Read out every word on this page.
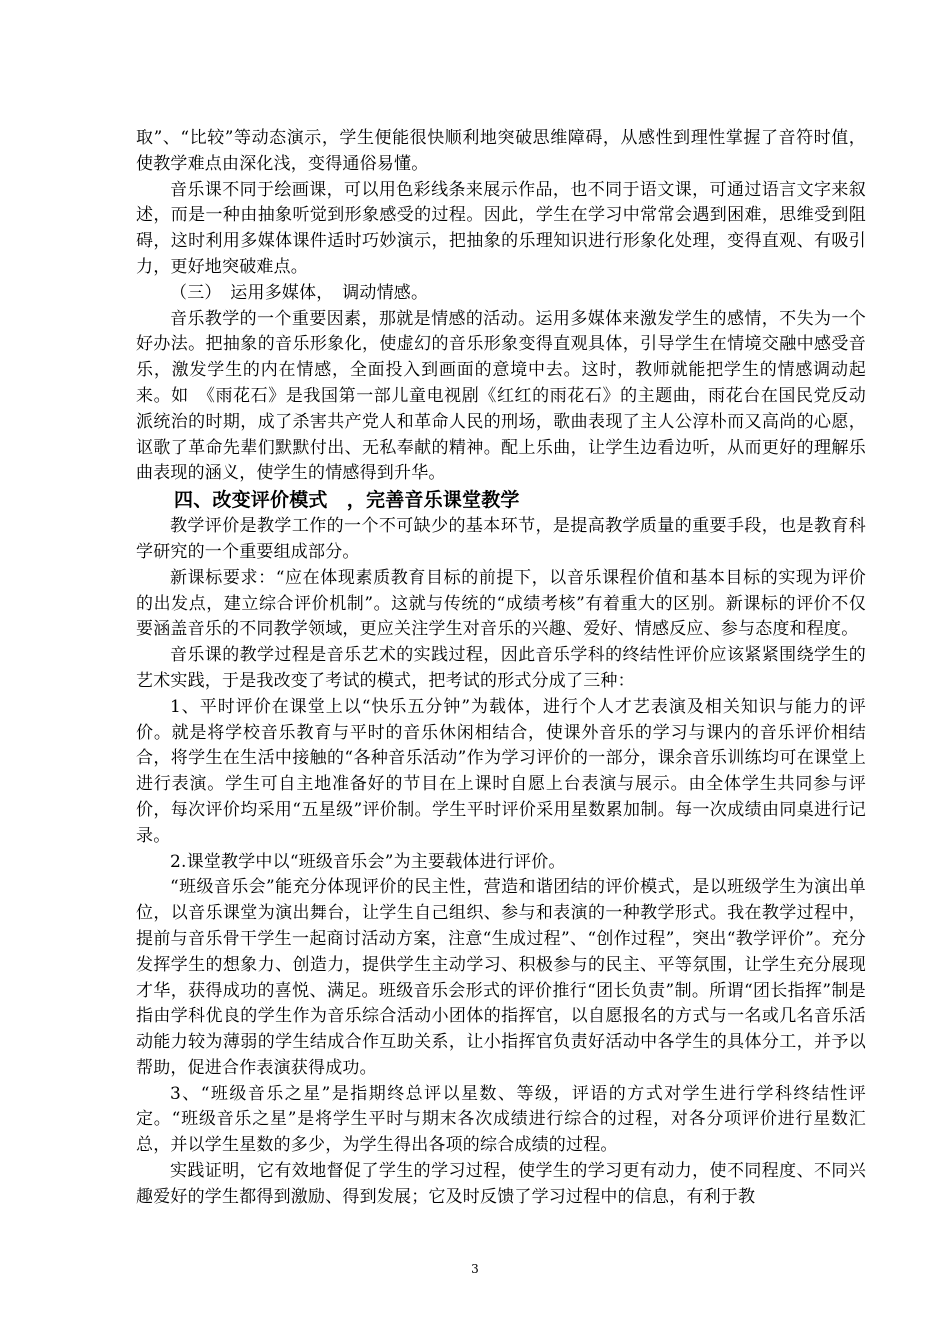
取”、“比较”等动态演示，学生便能很快顺利地突破思维障碍，从感性到理性掌握了音符时值，使教学难点由深化浅，变得通俗易懂。

音乐课不同于绘画课，可以用色彩线条来展示作品，也不同于语文课，可通过语言文字来叙述，而是一种由抽象听觉到形象感受的过程。因此，学生在学习中常常会遇到困难，思维受到阻碍，这时利用多媒体课件适时巧妙演示，把抽象的乐理知识进行形象化处理，变得直观、有吸引力，更好地突破难点。

（三）　运用多媒体，　调动情感。

音乐教学的一个重要因素，那就是情感的活动。运用多媒体来激发学生的感情，不失为一个好办法。把抽象的音乐形象化，使虚幻的音乐形象变得直观具体，引导学生在情境交融中感受音乐，激发学生的内在情感，全面投入到画面的意境中去。这时，教师就能把学生的情感调动起来。如　《雨花石》是我国第一部儿童电视剧《红红的雨花石》的主题曲，雨花台在国民党反动派统治的时期，成了杀害共产党人和革命人民的刑场，歌曲表现了主人公淳朴而又高尚的心愿，讴歌了革命先辈们默默付出、无私奉献的精神。配上乐曲，让学生边看边听，从而更好的理解乐曲表现的涵义，使学生的情感得到升华。

四、改变评价模式　，完善音乐课堂教学

教学评价是教学工作的一个不可缺少的基本环节，是提高教学质量的重要手段，也是教育科学研究的一个重要组成部分。

新课标要求：“应在体现素质教育目标的前提下，以音乐课程价值和基本目标的实现为评价的出发点，建立综合评价机制”。这就与传统的“成绩考核”有着重大的区别。新课标的评价不仅要涵盖音乐的不同教学领域，更应关注学生对音乐的兴趣、爱好、情感反应、参与态度和程度。

音乐课的教学过程是音乐艺术的实践过程，因此音乐学科的终结性评价应该紧紧围绕学生的艺术实践，于是我改变了考试的模式，把考试的形式分成了三种：

1、平时评价在课堂上以“快乐五分钟”为载体，进行个人才艺表演及相关知识与能力的评价。就是将学校音乐教育与平时的音乐休闲相结合，使课外音乐的学习与课内的音乐评价相结合，将学生在生活中接触的“各种音乐活动”作为学习评价的一部分，课余音乐训练均可在课堂上进行表演。学生可自主地准备好的节目在上课时自愿上台表演与展示。由全体学生共同参与评价，每次评价均采用“五星级”评价制。学生平时评价采用星数累加制。每一次成绩由同桌进行记录。

2.课堂教学中以“班级音乐会”为主要载体进行评价。

“班级音乐会”能充分体现评价的民主性，营造和谐团结的评价模式，是以班级学生为演出单位，以音乐课堂为演出舞台，让学生自己组织、参与和表演的一种教学形式。我在教学过程中，提前与音乐骨干学生一起商讨活动方案，注意“生成过程”、“创作过程”，突出“教学评价”。充分发挥学生的想象力、创造力，提供学生主动学习、积极参与的民主、平等氛围，让学生充分展现才华，获得成功的喜悦、满足。班级音乐会形式的评价推行“团长负责”制。所谓“团长指挥”制是指由学科优良的学生作为音乐综合活动小团体的指挥官，以自愿报名的方式与一名或几名音乐活动能力较为薄弱的学生结成合作互助关系，让小指挥官负责好活动中各学生的具体分工，并予以帮助，促进合作表演获得成功。

3、“班级音乐之星”是指期终总评以星数、等级，评语的方式对学生进行学科终结性评定。“班级音乐之星”是将学生平时与期末各次成绩进行综合的过程，对各分项评价进行星数汇总，并以学生星数的多少，为学生得出各项的综合成绩的过程。

实践证明，它有效地督促了学生的学习过程，使学生的学习更有动力，使不同程度、不同兴趣爱好的学生都得到激励、得到发展；它及时反馈了学习过程中的信息，有利于教

3
